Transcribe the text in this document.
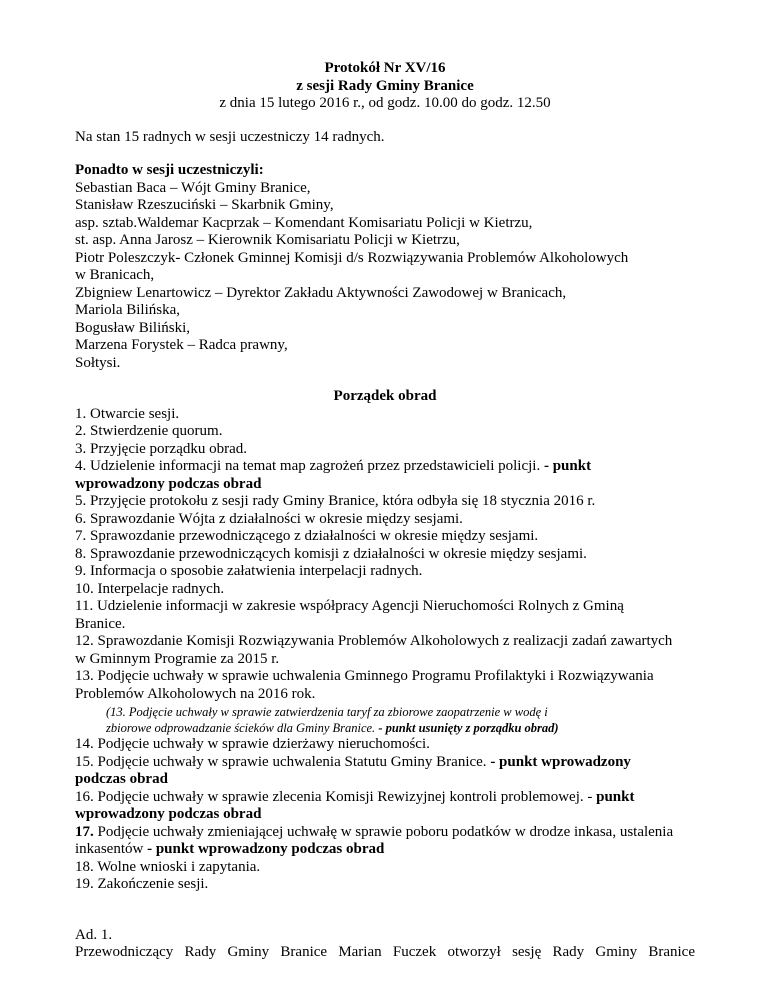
Protokół Nr XV/16
z sesji Rady Gminy Branice
z dnia 15 lutego 2016 r., od godz. 10.00 do godz. 12.50
Na stan 15 radnych w sesji uczestniczy 14 radnych.
Ponadto w sesji uczestniczyli:
Sebastian Baca – Wójt Gminy Branice,
Stanisław Rzeszuciński – Skarbnik Gminy,
asp. sztab.Waldemar Kacprzak – Komendant Komisariatu Policji w Kietrzu,
st. asp. Anna Jarosz – Kierownik Komisariatu Policji w Kietrzu,
Piotr Poleszczyk- Członek Gminnej Komisji d/s Rozwiązywania Problemów Alkoholowych
w Branicach,
Zbigniew Lenartowicz – Dyrektor Zakładu Aktywności Zawodowej w Branicach,
Mariola Bilińska,
Bogusław Biliński,
Marzena Forystek – Radca prawny,
Sołtysi.
Porządek obrad
1. Otwarcie sesji.
2. Stwierdzenie quorum.
3. Przyjęcie porządku obrad.
4. Udzielenie informacji na temat map zagrożeń przez przedstawicieli policji. - punkt
wprowadzony podczas obrad
5. Przyjęcie protokołu z sesji rady Gminy Branice, która odbyła się 18 stycznia 2016 r.
6. Sprawozdanie Wójta z działalności w okresie między sesjami.
7. Sprawozdanie przewodniczącego z działalności w okresie między sesjami.
8. Sprawozdanie przewodniczących komisji z działalności w okresie między sesjami.
9. Informacja o sposobie załatwienia interpelacji radnych.
10. Interpelacje radnych.
11. Udzielenie informacji w zakresie współpracy Agencji Nieruchomości Rolnych z Gminą
Branice.
12. Sprawozdanie Komisji Rozwiązywania Problemów Alkoholowych z realizacji zadań zawartych
w Gminnym Programie za 2015 r.
13. Podjęcie uchwały w sprawie uchwalenia Gminnego Programu Profilaktyki i Rozwiązywania
Problemów Alkoholowych na 2016 rok.
(13. Podjęcie uchwały w sprawie zatwierdzenia taryf za zbiorowe zaopatrzenie w wodę i
zbiorowe odprowadzanie ścieków dla Gminy Branice. - punkt usunięty z porządku obrad)
14. Podjęcie uchwały w sprawie dzierżawy nieruchomości.
15. Podjęcie uchwały w sprawie uchwalenia Statutu Gminy Branice. - punkt wprowadzony
podczas obrad
16. Podjęcie uchwały w sprawie zlecenia Komisji Rewizyjnej kontroli problemowej. - punkt
wprowadzony podczas obrad
17. Podjęcie uchwały zmieniającej uchwałę w sprawie poboru podatków w drodze inkasa, ustalenia
inkasentów - punkt wprowadzony podczas obrad
18. Wolne wnioski i zapytania.
19. Zakończenie sesji.
Ad. 1.
Przewodniczący Rady Gminy Branice Marian Fuczek otworzył sesję Rady Gminy Branice
